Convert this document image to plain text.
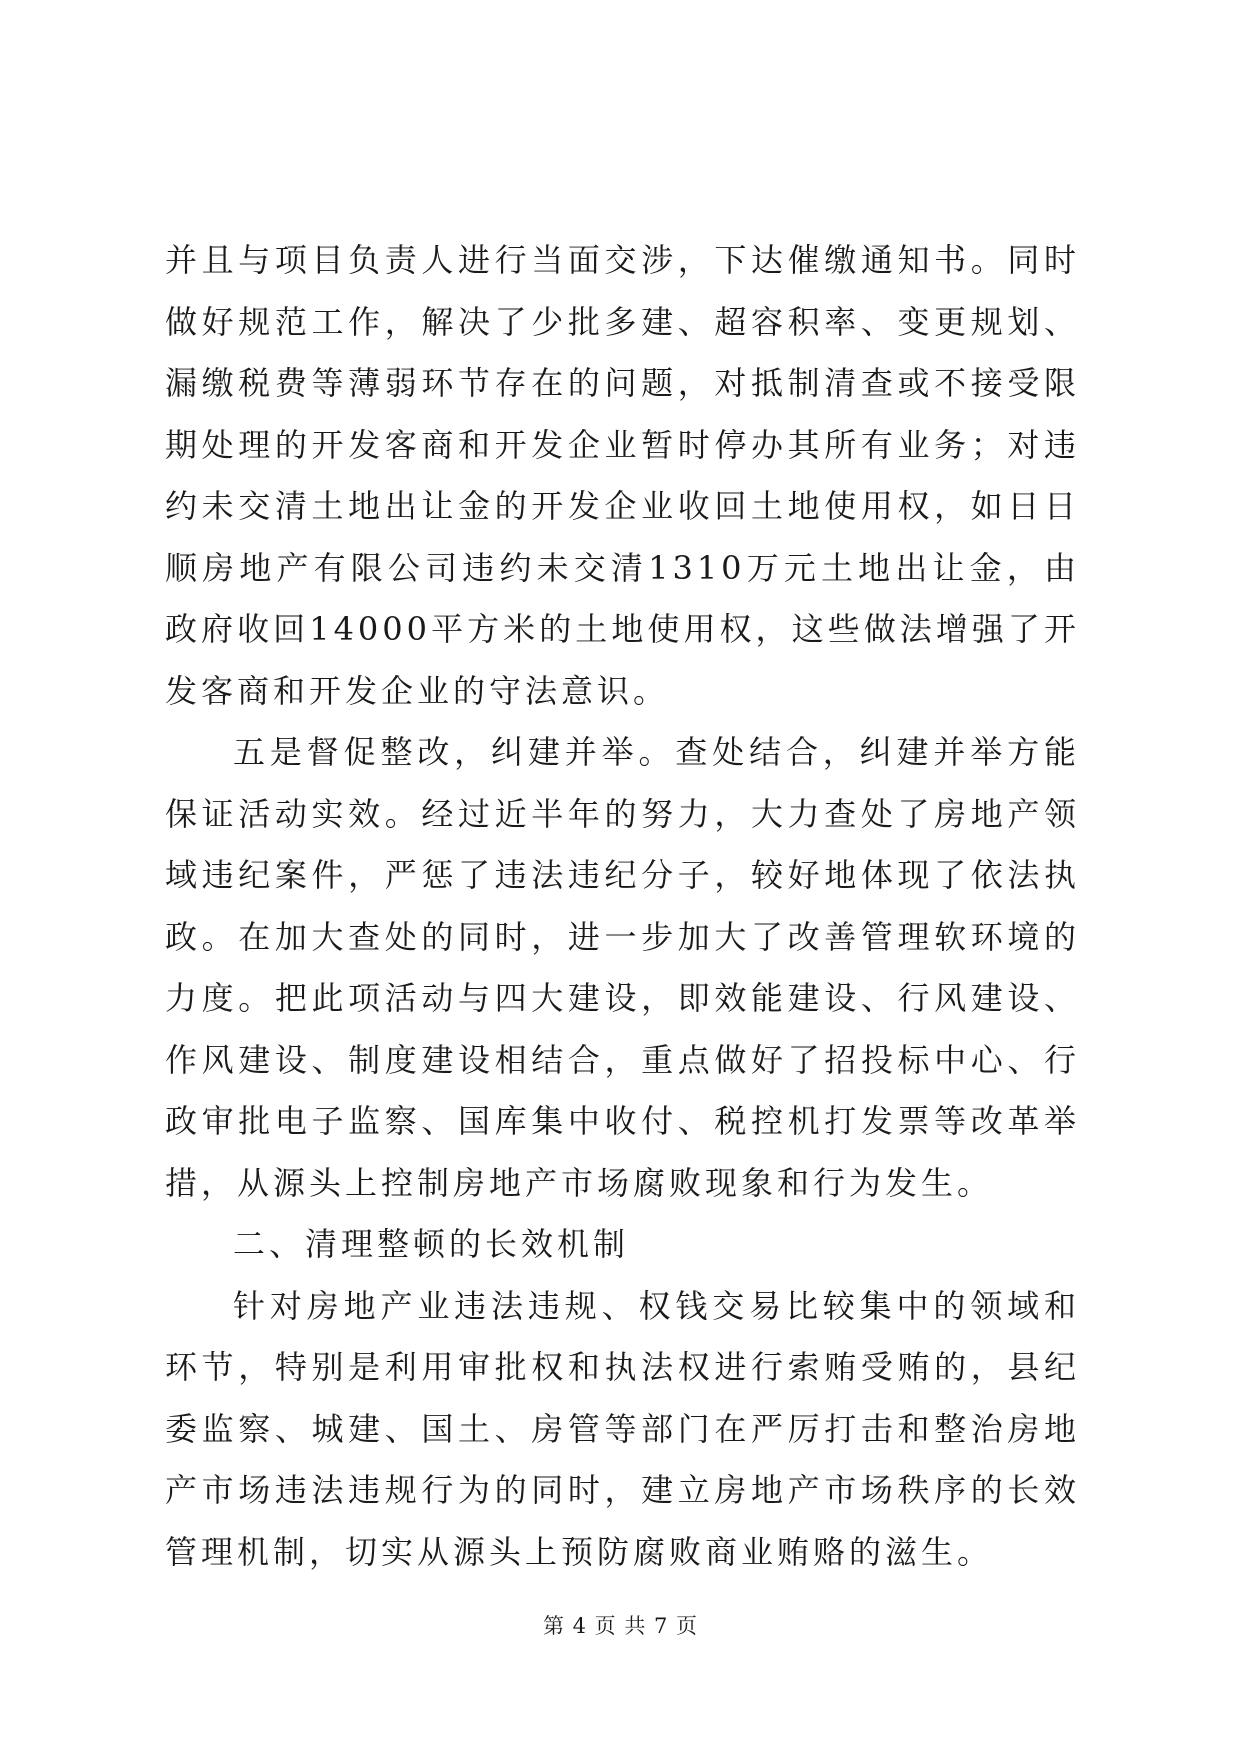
并且与项目负责人进行当面交涉，下达催缴通知书。同时做好规范工作，解决了少批多建、超容积率、变更规划、漏缴税费等薄弱环节存在的问题，对抵制清查或不接受限期处理的开发客商和开发企业暂时停办其所有业务；对违约未交清土地出让金的开发企业收回土地使用权，如日日顺房地产有限公司违约未交清1310万元土地出让金，由政府收回14000平方米的土地使用权，这些做法增强了开发客商和开发企业的守法意识。

五是督促整改，纠建并举。查处结合，纠建并举方能保证活动实效。经过近半年的努力，大力查处了房地产领域违纪案件，严惩了违法违纪分子，较好地体现了依法执政。在加大查处的同时，进一步加大了改善管理软环境的力度。把此项活动与四大建设，即效能建设、行风建设、作风建设、制度建设相结合，重点做好了招投标中心、行政审批电子监察、国库集中收付、税控机打发票等改革举措，从源头上控制房地产市场腐败现象和行为发生。

二、清理整顿的长效机制

针对房地产业违法违规、权钱交易比较集中的领域和环节，特别是利用审批权和执法权进行索贿受贿的，县纪委监察、城建、国土、房管等部门在严厉打击和整治房地产市场违法违规行为的同时，建立房地产市场秩序的长效管理机制，切实从源头上预防腐败商业贿赂的滋生。

第 4 页 共 7 页
